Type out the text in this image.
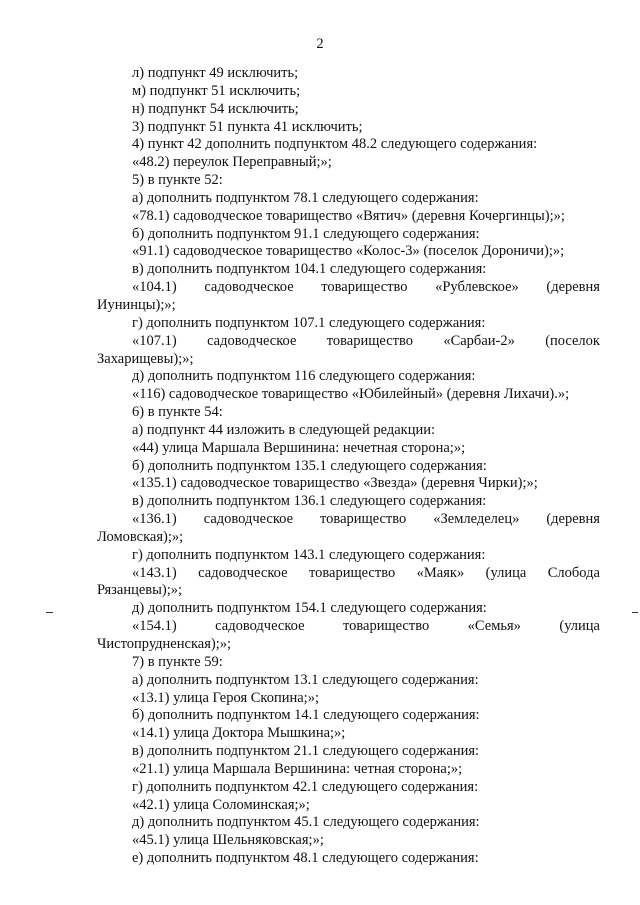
2
л) подпункт 49 исключить;
м) подпункт 51 исключить;
н) подпункт 54 исключить;
3) подпункт 51 пункта 41 исключить;
4) пункт 42 дополнить подпунктом 48.2 следующего содержания:
«48.2) переулок Переправный;»;
5) в пункте 52:
а) дополнить подпунктом 78.1 следующего содержания:
«78.1) садоводческое товарищество «Вятич» (деревня Кочергинцы);»;
б) дополнить подпунктом 91.1 следующего содержания:
«91.1) садоводческое товарищество «Колос-3» (поселок Дороничи);»;
в) дополнить подпунктом 104.1 следующего содержания:
«104.1) садоводческое товарищество «Рублевское» (деревня
Иунинцы);»;
г) дополнить подпунктом 107.1 следующего содержания:
«107.1) садоводческое товарищество «Сарбаи-2» (поселок
Захарищевы);»;
д) дополнить подпунктом 116 следующего содержания:
«116) садоводческое товарищество «Юбилейный» (деревня Лихачи).»;
6) в пункте 54:
а) подпункт 44 изложить в следующей редакции:
«44) улица Маршала Вершинина: нечетная сторона;»;
б) дополнить подпунктом 135.1 следующего содержания:
«135.1) садоводческое товарищество «Звезда» (деревня Чирки);»;
в) дополнить подпунктом 136.1 следующего содержания:
«136.1) садоводческое товарищество «Земледелец» (деревня
Ломовская);»;
г) дополнить подпунктом 143.1 следующего содержания:
«143.1) садоводческое товарищество «Маяк» (улица Слобода
Рязанцевы);»;
д) дополнить подпунктом 154.1 следующего содержания:
«154.1)	садоводческое	товарищество	«Семья»	(улица
Чистопрудненская);»;
7) в пункте 59:
а) дополнить подпунктом 13.1 следующего содержания:
«13.1) улица Героя Скопина;»;
б) дополнить подпунктом 14.1 следующего содержания:
«14.1) улица Доктора Мышкина;»;
в) дополнить подпунктом 21.1 следующего содержания:
«21.1) улица Маршала Вершинина: четная сторона;»;
г) дополнить подпунктом 42.1 следующего содержания:
«42.1) улица Соломинская;»;
д) дополнить подпунктом 45.1 следующего содержания:
«45.1) улица Шельняковская;»;
е) дополнить подпунктом 48.1 следующего содержания:
